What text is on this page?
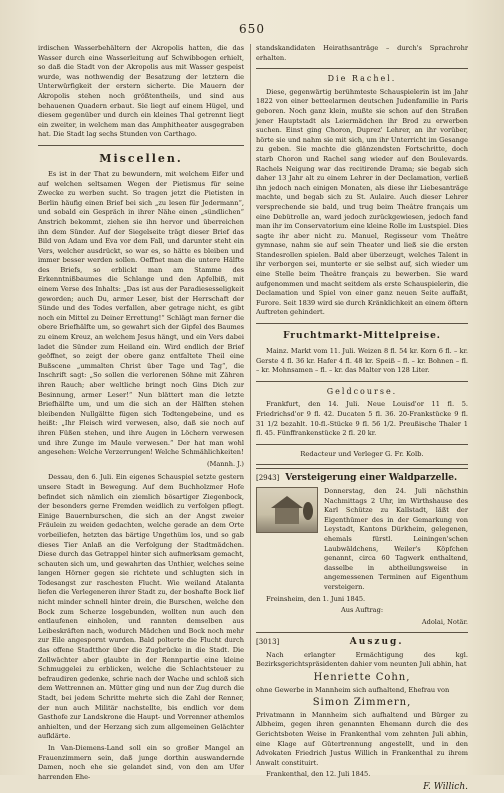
650

irdischen Wasserbehältern der Akropolis hatten, die das Wasser durch eine Wasserleitung auf Schwibbogen erhielt, so daß die Stadt von der Akropolis aus mit Wasser gespeist wurde, was nothwendig der Besatzung der letztern die Unterwürfigkeit der erstern sicherte. Die Mauern der Akropolis stehen noch größtentheils, und sind aus behauenen Quadern erbaut. Sie liegt auf einem Hügel, und diesem gegenüber und durch ein kleines Thal getrennt liegt ein zweiter, in welchem man das Amphitheater ausgegraben hat. Die Stadt lag sechs Stunden von Carthago.

Miscellen.

Es ist in der That zu bewundern, mit welchem Eifer und auf welchen seltsamen Wegen der Pietismus für seine Zwecke zu werben sucht. So tragen jetzt die Pietisten in Berlin häufig einen Brief bei sich „zu lesen für Jedermann“, und sobald ein Gespräch in ihrer Nähe einen „sündlichen“ Anstrich bekommt, ziehen sie ihn hervor und überreichen ihn dem Sünder. Auf der Siegelseite trägt dieser Brief das Bild von Adam und Eva vor dem Fall, und darunter steht ein Vers, welcher ausdrückt, so war es, so hätte es bleiben und immer besser werden sollen. Oeffnet man die untere Hälfte des Briefs, so erblickt man am Stamme des Erkenntnißbaumes die Schlange und den Apfelbiß, mit einem Verse des Inhalts: „Das ist aus der Paradiesesseligkeit geworden; auch Du, armer Leser, bist der Herrschaft der Sünde und des Todes verfallen, aber getrage nicht, es gibt noch ein Mittel zu Deiner Errettung!“ Schlägt man ferner die obere Briefhälfte um, so gewahrt sich der Gipfel des Baumes zu einem Kreuz, an welchem Jesus hängt, und ein Vers dabei ladet die Sünder zum Heiland ein. Wird endlich der Brief geöffnet, so zeigt der obere ganz entfaltete Theil eine Bußscene „ummalten Christ über Tage und Tag“, die Inschrift sagt: „So sollen die verlorenen Söhne mit Zähren ihren Rauch; aber weltliche bringt noch Gins Dich zur Besinnung, armer Leser!“ Nun blättert man die letzte Briefhälfte um, und um die sich an der Hälften stehen bleibenden Nullgältte fügen sich Todtengebeine, und es heißt: „Ihr Fleisch wird verwesen, also, daß sie noch auf ihren Füßen stehen, und ihre Augen in Löchern verwesen und ihre Zunge im Maule verwesen.“ Der hat man wohl angesehen: Welche Verzerrungen! Welche Schmählichkeiten!

(Mannh. J.)

Dessau, den 6. Juli. Ein eigenes Schauspiel setzte gestern unsere Stadt in Bewegung. Auf dem Buchholzmer Hofe befindet sich nämlich ein ziemlich bösartiger Ziegenbock, der besonders gerne Fremden weidlich zu verfolgen pflegt. Einige Bauernburschen, die sich an der Angst zweier Fräulein zu weiden gedachten, welche gerade an dem Orte vorbeiliefen, hetzten das bärtige Ungethüm los, und so gab dieses Tier Anlaß an die Verfolgung der Stadtmädchen. Diese durch das Getrappel hinter sich aufmerksam gemacht, schauten sich um, und gewahrten das Unthier, welches seine langen Hörner gegen sie richtete und schlugten sich in Todesangst zur raschesten Flucht. Wie weiland Atalanta liefen die Verlegeneren ihrer Stadt zu, der boshafte Bock lief nicht minder schnell hinter drein, die Burschen, welche den Bock zum Scherze losgebunden, wollten nun auch den entlaufenen einholen, und rannten demselben aus Leibeskräften nach, wodurch Mädchen und Bock noch mehr zur Eile angespornt wurden. Bald polterte die Flucht durch das offene Stadtthor über die Zugbrücke in die Stadt. Die Zollwächter aber glaubte in der Rennpartie eine kleine Schmuggelei zu erblicken, welche die Schlachtsteuer zu befraudiren gedenke, schrie nach der Wache und schloß sich dem Wettrennen an. Mütter ging und nun der Zug durch die Stadt, bei jedem Schritte mehrte sich die Zahl der Renner, der nun auch Militär nachstellte, bis endlich vor dem Gasthofe zur Landskrone die Haupt- und Vorrenner athemlos anhielten, und der Herzang sich zum allgemeinen Gelächter aufklärte.

In Van-Diemens-Land soll ein so großer Mangel an Frauenzimmern sein, daß junge dorthin auswandernde Damen, noch ehe sie gelandet sind, von den am Ufer harrenden Ehe-

standskandidaten Heirathsanträge – durch's Sprachrohr erhalten.

Die Rachel.

Diese, gegenwärtig berühmteste Schauspielerin ist im Jahr 1822 von einer betteelarmen deutschen Judenfamilie in Paris geboren. Noch ganz klein, mußte sie schon auf den Straßen jener Hauptstadt als Leiermädchen ihr Brod zu erwerben suchen. Einst ging Choron, Duprez' Lehrer, an ihr vorüber, hörte sie und nahm sie mit sich, um ihr Unterricht im Gesange zu geben. Sie machte die glänzendsten Fortschritte, doch starb Choron und Rachel sang wieder auf den Boulevards. Rachels Neigung war das recitirende Drama; sie begab sich daher 13 Jahr alt zu einem Lehrer in der Declamation, verließ ihn jedoch nach einigen Monaten, als diese ihr Liebesanträge machte, und begab sich zu St. Aulaire. Auch dieser Lehrer versprechende sie bald, und trug beim Theâtre français um eine Debütrolle an, ward jedoch zurückgewiesen, jedoch fand man ihr im Conservatorium eine kleine Rolle im Lustspiel. Dies sagte ihr aber nicht zu. Manuel, Regisseur vom Theâtre gymnase, nahm sie auf sein Theater und ließ sie die ersten Standesrollen spielen. Bald aber überzeugt, welches Talent in ihr verborgen sei, munterte er sie selbst auf, sich wieder um eine Stelle beim Theâtre français zu bewerben. Sie ward aufgenommen und macht seitdem als erste Schauspielerin, die Declamation und Spiel von einer ganz neuen Seite auffaßt, Furore. Seit 1839 wird sie durch Kränklichkeit an einem öftern Auftreten gehindert.

Fruchtmarkt-Mittelpreise.

Mainz. Markt vom 11. Juli. Weizen 8 fl. 54 kr. Korn 6 fl. – kr. Gerste 4 fl. 36 kr. Hafer 4 fl. 48 kr. Speiß – fl. – kr. Bohnen – fl. – kr. Mohnsamen – fl. – kr. das Malter von 128 Liter.

Geldcourse.

Frankfurt, den 14. Juli. Neue Louisd'or 11 fl. 5. Friedrichsd'or 9 fl. 42. Ducaten 5 fl. 36. 20-Frankstücke 9 fl. 31 1/2 bezahlt. 10-fl.-Stücke 9 fl. 56 1/2. Preußische Thaler 1 fl. 45. Fünffrankenstücke 2 fl. 20 kr.

Redacteur und Verleger G. Fr. Kolb.
[2943] Versteigerung einer Waldparzelle.

Donnerstag, den 24. Juli nächsthin Nachmittags 2 Uhr, im Wirthshause des Karl Schütze zu Kallstadt, läßt der Eigenthümer des in der Gemarkung von Leystadt, Kantons Dürkheim, gelegenen, ehemals fürstl. Leiningen'schen Laubwäldchens, Weiler's Köpfchen genannt, circa 60 Tagwerk enthaltend, dasselbe in abtheilungsweise in angemessenen Terminen auf Eigenthum versteigern.

Freinsheim, den 1. Juni 1845.

Aus Auftrag:
Adolai, Notär.
[3013]	Auszug.

Nach erlangter Ermächtigung des kgl. Bezirksgerichtspräsidenten dahier vom neunten Juli abhin, hat

Henriette Cohn,

ohne Gewerbe in Mannheim sich aufhaltend, Ehefrau von

Simon Zimmern,

Privatmann in Mannheim sich aufhaltend und Bürger zu Albheim, gegen ihren genannten Ehemann durch die des Gerichtsboten Weise in Frankenthal vom zehnten Juli abhin, eine Klage auf Gütertrennung angestellt, und in den Advokaten Friedrich Justus Willich in Frankenthal zu ihrem Anwalt constituirt.

Frankenthal, den 12. Juli 1845.

F. Willich.
